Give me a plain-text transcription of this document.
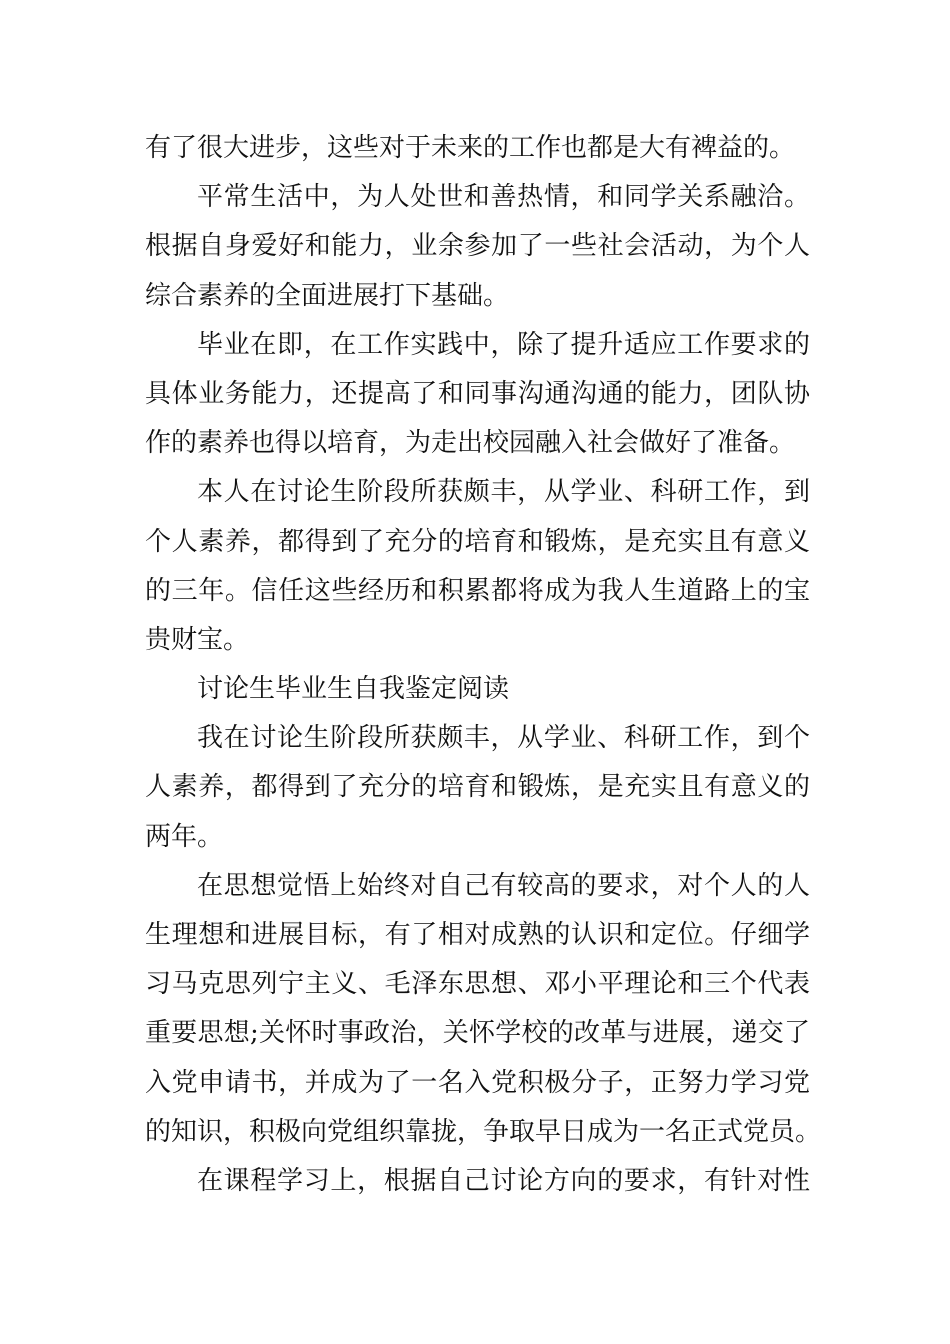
有了很大进步，这些对于未来的工作也都是大有裨益的。
平常生活中，为人处世和善热情，和同学关系融洽。
根据自身爱好和能力，业余参加了一些社会活动，为个人
综合素养的全面进展打下基础。
毕业在即，在工作实践中，除了提升适应工作要求的
具体业务能力，还提高了和同事沟通沟通的能力，团队协
作的素养也得以培育，为走出校园融入社会做好了准备。
本人在讨论生阶段所获颇丰，从学业、科研工作，到
个人素养，都得到了充分的培育和锻炼，是充实且有意义
的三年。信任这些经历和积累都将成为我人生道路上的宝
贵财宝。
讨论生毕业生自我鉴定阅读
我在讨论生阶段所获颇丰，从学业、科研工作，到个
人素养，都得到了充分的培育和锻炼，是充实且有意义的
两年。
在思想觉悟上始终对自己有较高的要求，对个人的人
生理想和进展目标，有了相对成熟的认识和定位。仔细学
习马克思列宁主义、毛泽东思想、邓小平理论和三个代表
重要思想;关怀时事政治，关怀学校的改革与进展，递交了
入党申请书，并成为了一名入党积极分子，正努力学习党
的知识，积极向党组织靠拢，争取早日成为一名正式党员。
在课程学习上，根据自己讨论方向的要求，有针对性
